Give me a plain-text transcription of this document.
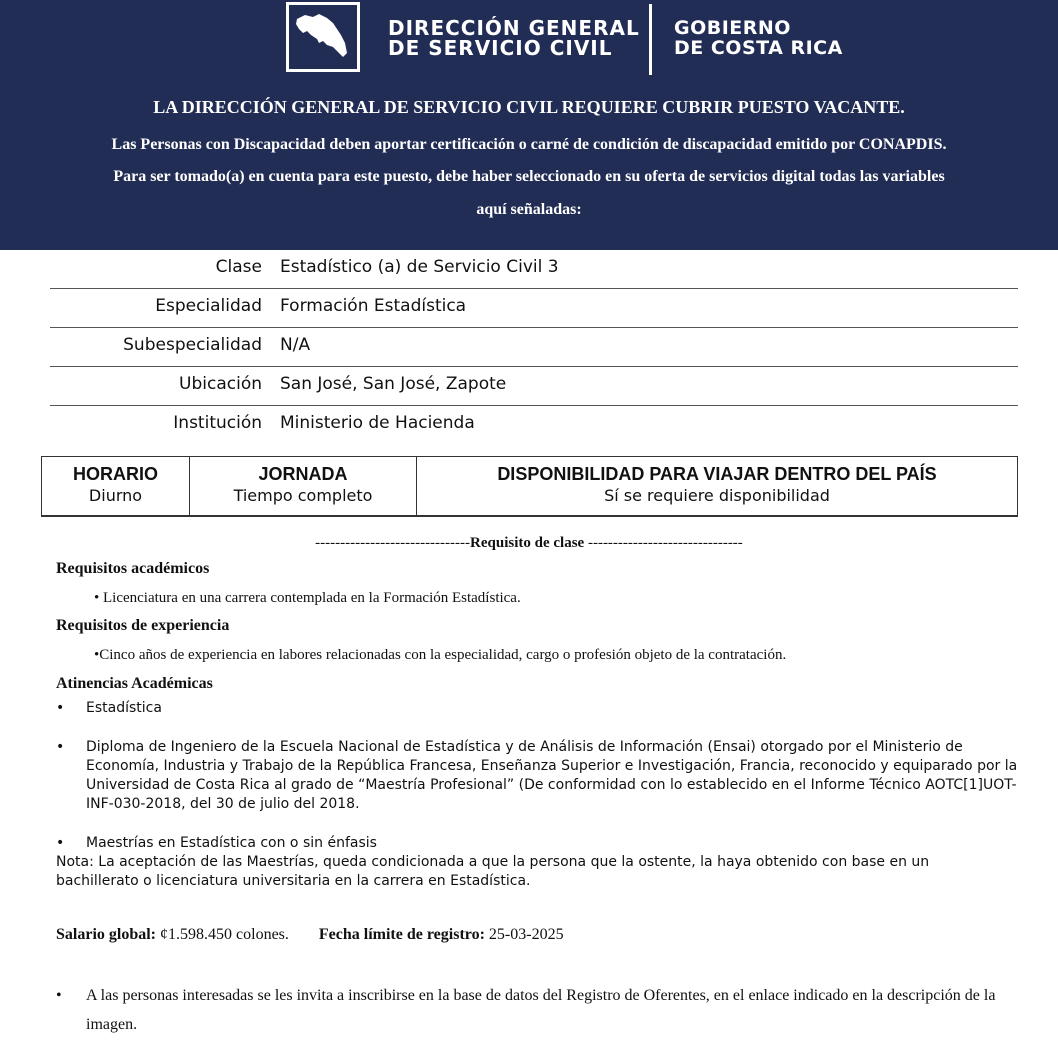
DIRECCIÓN GENERAL
DE SERVICIO CIVIL
GOBIERNO
DE COSTA RICA
LA DIRECCIÓN GENERAL DE SERVICIO CIVIL REQUIERE CUBRIR PUESTO VACANTE.
Las Personas con Discapacidad deben aportar certificación o carné de condición de discapacidad emitido por CONAPDIS.
Para ser tomado(a) en cuenta para este puesto, debe haber seleccionado en su oferta de servicios digital todas las variables
aquí señaladas:
Clase Estadístico (a) de Servicio Civil 3
Especialidad Formación Estadística
Subespecialidad N/A
Ubicación San José, San José, Zapote
Institución Ministerio de Hacienda
HORARIO
Diurno
JORNADA
Tiempo completo
DISPONIBILIDAD PARA VIAJAR DENTRO DEL PAÍS
Sí se requiere disponibilidad
-------------------------------Requisito de clase -------------------------------
Requisitos académicos
• Licenciatura en una carrera contemplada en la Formación Estadística.
Requisitos de experiencia
•Cinco años de experiencia en labores relacionadas con la especialidad, cargo o profesión objeto de la contratación.
Atinencias Académicas
• Estadística
• Diploma de Ingeniero de la Escuela Nacional de Estadística y de Análisis de Información (Ensai) otorgado por el Ministerio de Economía, Industria y Trabajo de la República Francesa, Enseñanza Superior e Investigación, Francia, reconocido y equiparado por la Universidad de Costa Rica al grado de “Maestría Profesional” (De conformidad con lo establecido en el Informe Técnico AOTC[1]UOT-INF-030-2018, del 30 de julio del 2018.
• Maestrías en Estadística con o sin énfasis
Nota: La aceptación de las Maestrías, queda condicionada a que la persona que la ostente, la haya obtenido con base en un bachillerato o licenciatura universitaria en la carrera en Estadística.
Salario global: ¢1.598.450 colones. Fecha límite de registro: 25-03-2025
• A las personas interesadas se les invita a inscribirse en la base de datos del Registro de Oferentes, en el enlace indicado en la descripción de la imagen.
